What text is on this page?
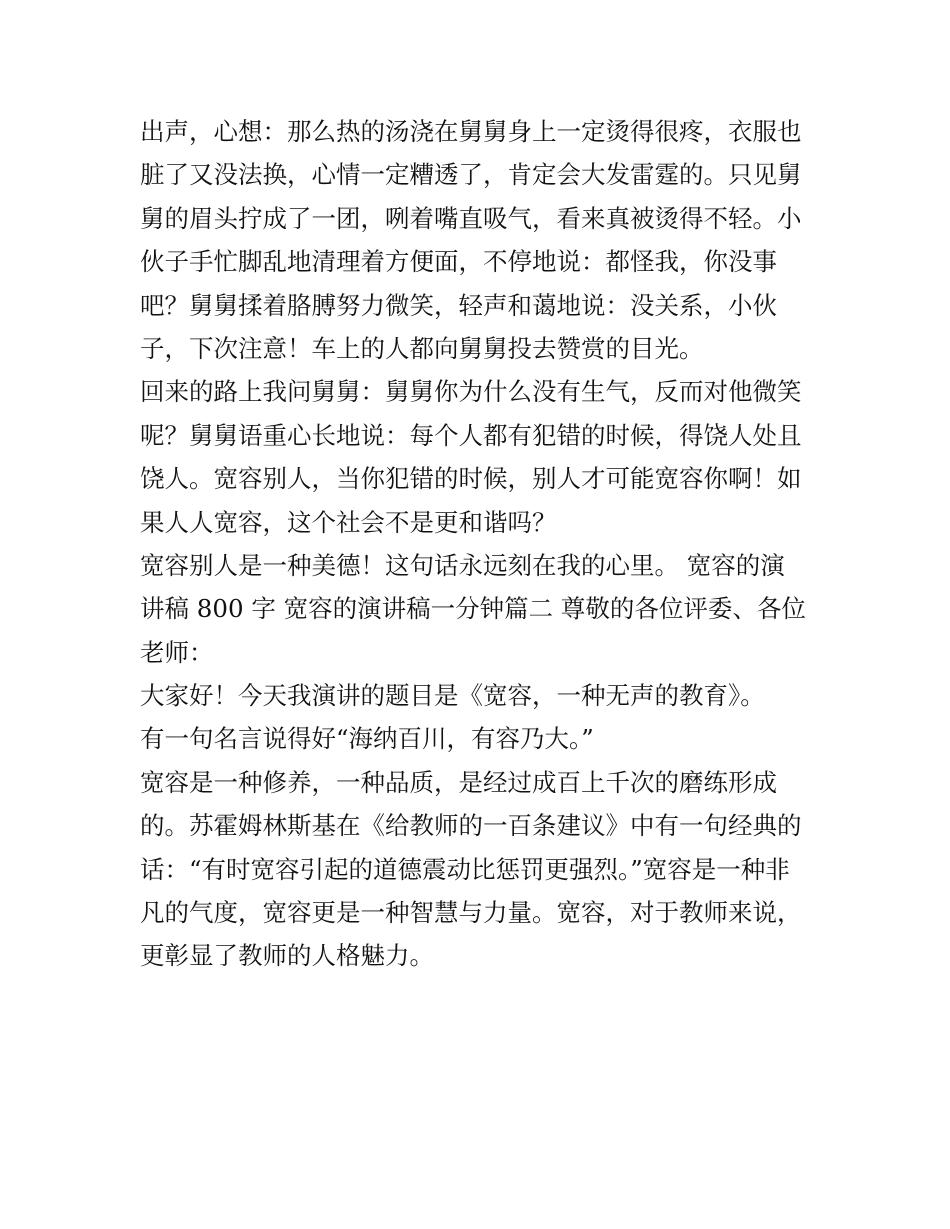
出声，心想：那么热的汤浇在舅舅身上一定烫得很疼，衣服也
脏了又没法换，心情一定糟透了，肯定会大发雷霆的。只见舅
舅的眉头拧成了一团，咧着嘴直吸气，看来真被烫得不轻。小
伙子手忙脚乱地清理着方便面，不停地说：都怪我，你没事
吧？舅舅揉着胳膊努力微笑，轻声和蔼地说：没关系，小伙
子，下次注意！车上的人都向舅舅投去赞赏的目光。
回来的路上我问舅舅：舅舅你为什么没有生气，反而对他微笑
呢？舅舅语重心长地说：每个人都有犯错的时候，得饶人处且
饶人。宽容别人，当你犯错的时候，别人才可能宽容你啊！如
果人人宽容，这个社会不是更和谐吗？
宽容别人是一种美德！这句话永远刻在我的心里。 宽容的演
讲稿 800 字 宽容的演讲稿一分钟篇二 尊敬的各位评委、各位
老师：
大家好！今天我演讲的题目是《宽容，一种无声的教育》。
有一句名言说得好“海纳百川，有容乃大。”
宽容是一种修养，一种品质，是经过成百上千次的磨练形成
的。苏霍姆林斯基在《给教师的一百条建议》中有一句经典的
话：“有时宽容引起的道德震动比惩罚更强烈。”宽容是一种非
凡的气度，宽容更是一种智慧与力量。宽容，对于教师来说，
更彰显了教师的人格魅力。
